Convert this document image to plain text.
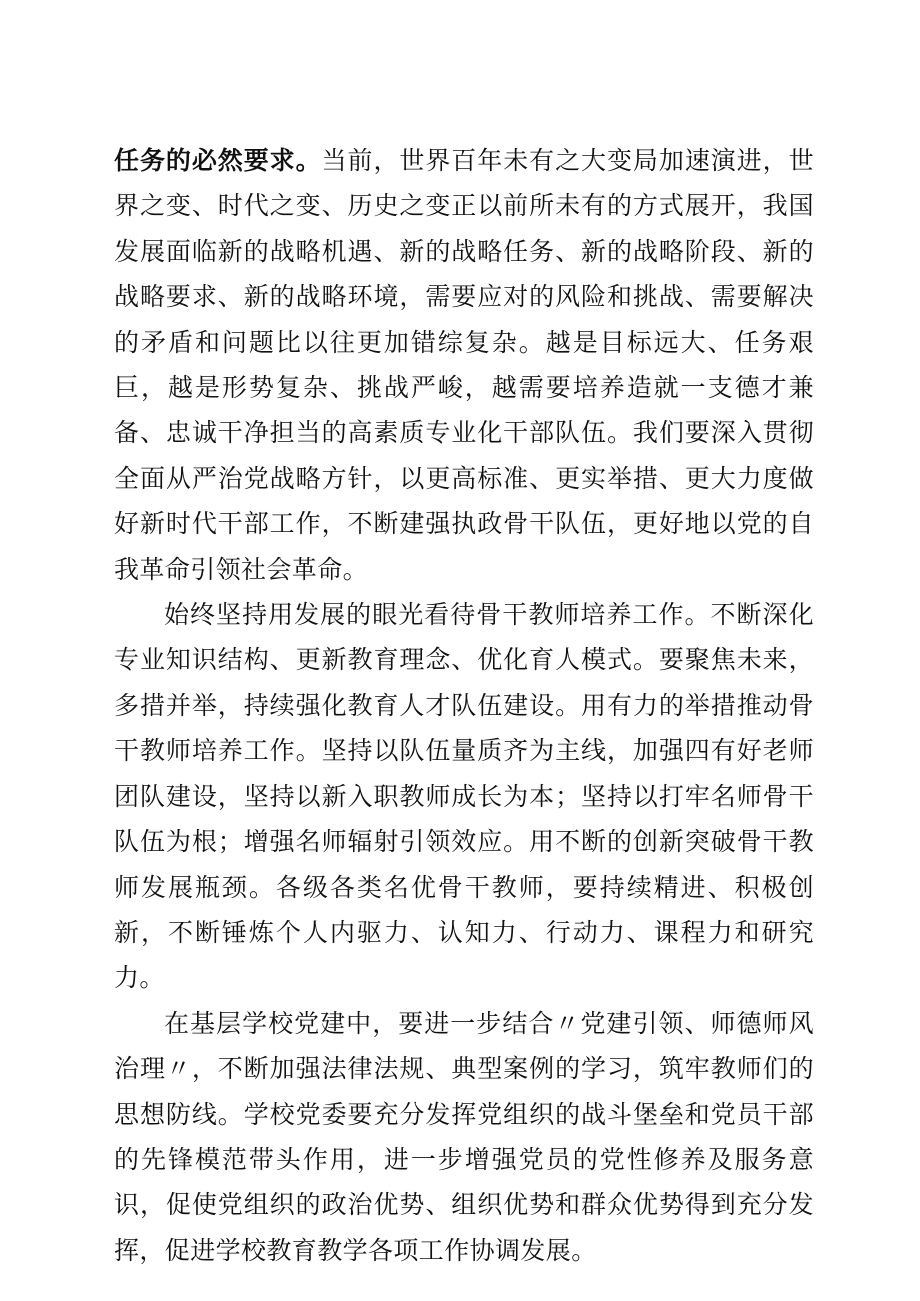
任务的必然要求。当前，世界百年未有之大变局加速演进，世界之变、时代之变、历史之变正以前所未有的方式展开，我国发展面临新的战略机遇、新的战略任务、新的战略阶段、新的战略要求、新的战略环境，需要应对的风险和挑战、需要解决的矛盾和问题比以往更加错综复杂。越是目标远大、任务艰巨，越是形势复杂、挑战严峻，越需要培养造就一支德才兼备、忠诚干净担当的高素质专业化干部队伍。我们要深入贯彻全面从严治党战略方针，以更高标准、更实举措、更大力度做好新时代干部工作，不断建强执政骨干队伍，更好地以党的自我革命引领社会革命。

始终坚持用发展的眼光看待骨干教师培养工作。不断深化专业知识结构、更新教育理念、优化育人模式。要聚焦未来，多措并举，持续强化教育人才队伍建设。用有力的举措推动骨干教师培养工作。坚持以队伍量质齐为主线，加强四有好老师团队建设，坚持以新入职教师成长为本；坚持以打牢名师骨干队伍为根；增强名师辐射引领效应。用不断的创新突破骨干教师发展瓶颈。各级各类名优骨干教师，要持续精进、积极创新，不断锤炼个人内驱力、认知力、行动力、课程力和研究力。

在基层学校党建中，要进一步结合〃党建引领、师德师风治理〃，不断加强法律法规、典型案例的学习，筑牢教师们的思想防线。学校党委要充分发挥党组织的战斗堡垒和党员干部的先锋模范带头作用，进一步增强党员的党性修养及服务意识，促使党组织的政治优势、组织优势和群众优势得到充分发挥，促进学校教育教学各项工作协调发展。
